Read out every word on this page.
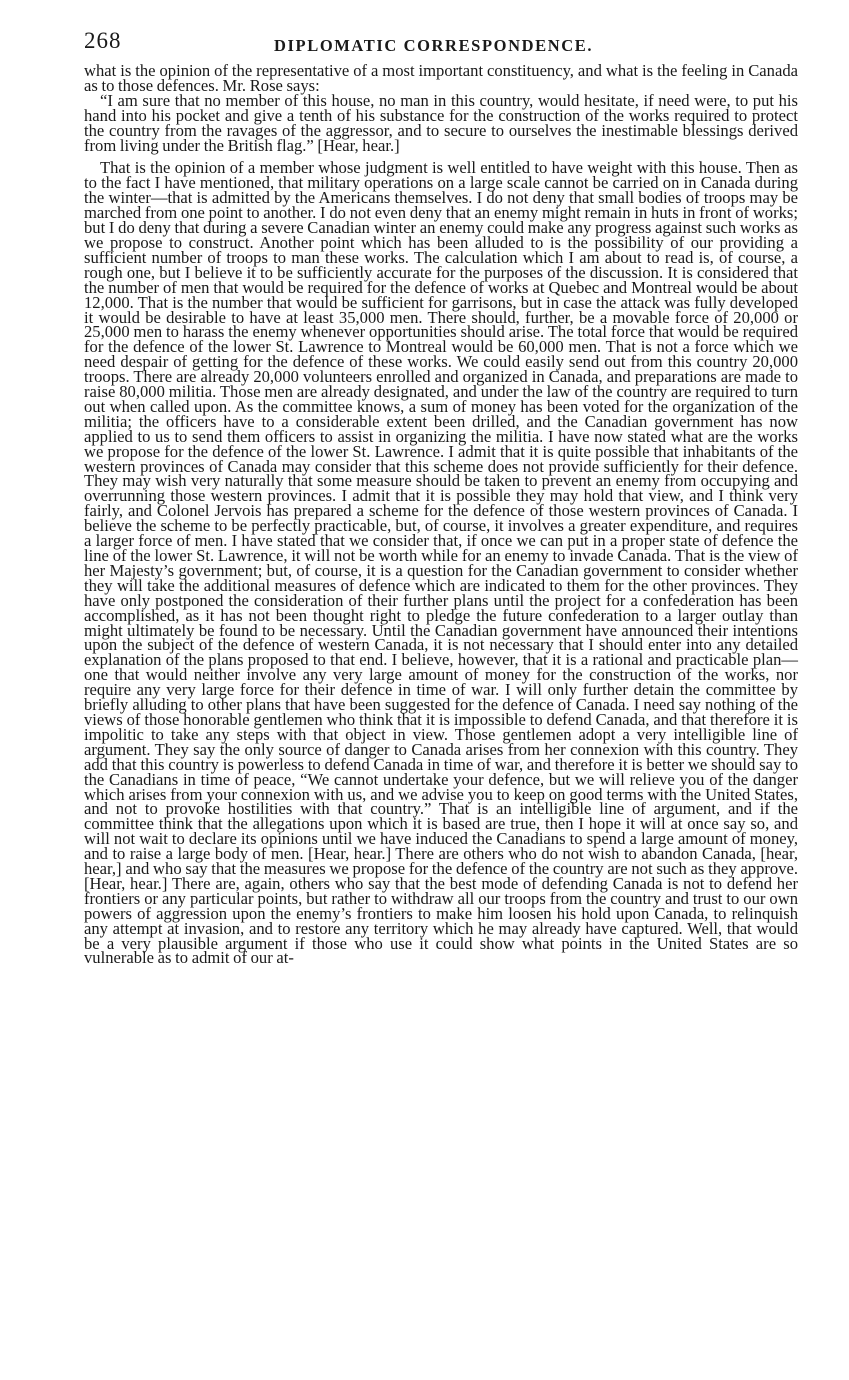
268	DIPLOMATIC CORRESPONDENCE.

what is the opinion of the representative of a most important constituency, and what is the feeling in Canada as to those defences. Mr. Rose says:

“I am sure that no member of this house, no man in this country, would hesitate, if need were, to put his hand into his pocket and give a tenth of his substance for the construction of the works required to protect the country from the ravages of the aggressor, and to secure to ourselves the inestimable blessings derived from living under the British flag.” [Hear, hear.]

That is the opinion of a member whose judgment is well entitled to have weight with this house. Then as to the fact I have mentioned, that military operations on a large scale cannot be carried on in Canada during the winter—that is admitted by the Americans themselves. I do not deny that small bodies of troops may be marched from one point to another. I do not even deny that an enemy might remain in huts in front of works; but I do deny that during a severe Canadian winter an enemy could make any progress against such works as we propose to construct. Another point which has been alluded to is the possibility of our providing a sufficient number of troops to man these works. The calculation which I am about to read is, of course, a rough one, but I believe it to be sufficiently accurate for the purposes of the discussion. It is considered that the number of men that would be required for the defence of works at Quebec and Montreal would be about 12,000. That is the number that would be sufficient for garrisons, but in case the attack was fully developed it would be desirable to have at least 35,000 men. There should, further, be a movable force of 20,000 or 25,000 men to harass the enemy whenever opportunities should arise. The total force that would be required for the defence of the lower St. Lawrence to Montreal would be 60,000 men. That is not a force which we need despair of getting for the defence of these works. We could easily send out from this country 20,000 troops. There are already 20,000 volunteers enrolled and organized in Canada, and preparations are made to raise 80,000 militia. Those men are already designated, and under the law of the country are required to turn out when called upon. As the committee knows, a sum of money has been voted for the organization of the militia; the officers have to a considerable extent been drilled, and the Canadian government has now applied to us to send them officers to assist in organizing the militia. I have now stated what are the works we propose for the defence of the lower St. Lawrence. I admit that it is quite possible that inhabitants of the western provinces of Canada may consider that this scheme does not provide sufficiently for their defence. They may wish very naturally that some measure should be taken to prevent an enemy from occupying and overrunning those western provinces. I admit that it is possible they may hold that view, and I think very fairly, and Colonel Jervois has prepared a scheme for the defence of those western provinces of Canada. I believe the scheme to be perfectly practicable, but, of course, it involves a greater expenditure, and requires a larger force of men. I have stated that we consider that, if once we can put in a proper state of defence the line of the lower St. Lawrence, it will not be worth while for an enemy to invade Canada. That is the view of her Majesty’s government; but, of course, it is a question for the Canadian government to consider whether they will take the additional measures of defence which are indicated to them for the other provinces. They have only postponed the consideration of their further plans until the project for a confederation has been accomplished, as it has not been thought right to pledge the future confederation to a larger outlay than might ultimately be found to be necessary. Until the Canadian government have announced their intentions upon the subject of the defence of western Canada, it is not necessary that I should enter into any detailed explanation of the plans proposed to that end. I believe, however, that it is a rational and practicable plan—one that would neither involve any very large amount of money for the construction of the works, nor require any very large force for their defence in time of war. I will only further detain the committee by briefly alluding to other plans that have been suggested for the defence of Canada. I need say nothing of the views of those honorable gentlemen who think that it is impossible to defend Canada, and that therefore it is impolitic to take any steps with that object in view. Those gentlemen adopt a very intelligible line of argument. They say the only source of danger to Canada arises from her connexion with this country. They add that this country is powerless to defend Canada in time of war, and therefore it is better we should say to the Canadians in time of peace, “We cannot undertake your defence, but we will relieve you of the danger which arises from your connexion with us, and we advise you to keep on good terms with the United States, and not to provoke hostilities with that country.” That is an intelligible line of argument, and if the committee think that the allegations upon which it is based are true, then I hope it will at once say so, and will not wait to declare its opinions until we have induced the Canadians to spend a large amount of money, and to raise a large body of men. [Hear, hear.] There are others who do not wish to abandon Canada, [hear, hear,] and who say that the measures we propose for the defence of the country are not such as they approve. [Hear, hear.] There are, again, others who say that the best mode of defending Canada is not to defend her frontiers or any particular points, but rather to withdraw all our troops from the country and trust to our own powers of aggression upon the enemy’s frontiers to make him loosen his hold upon Canada, to relinquish any attempt at invasion, and to restore any territory which he may already have captured. Well, that would be a very plausible argument if those who use it could show what points in the United States are so vulnerable as to admit of our at-
